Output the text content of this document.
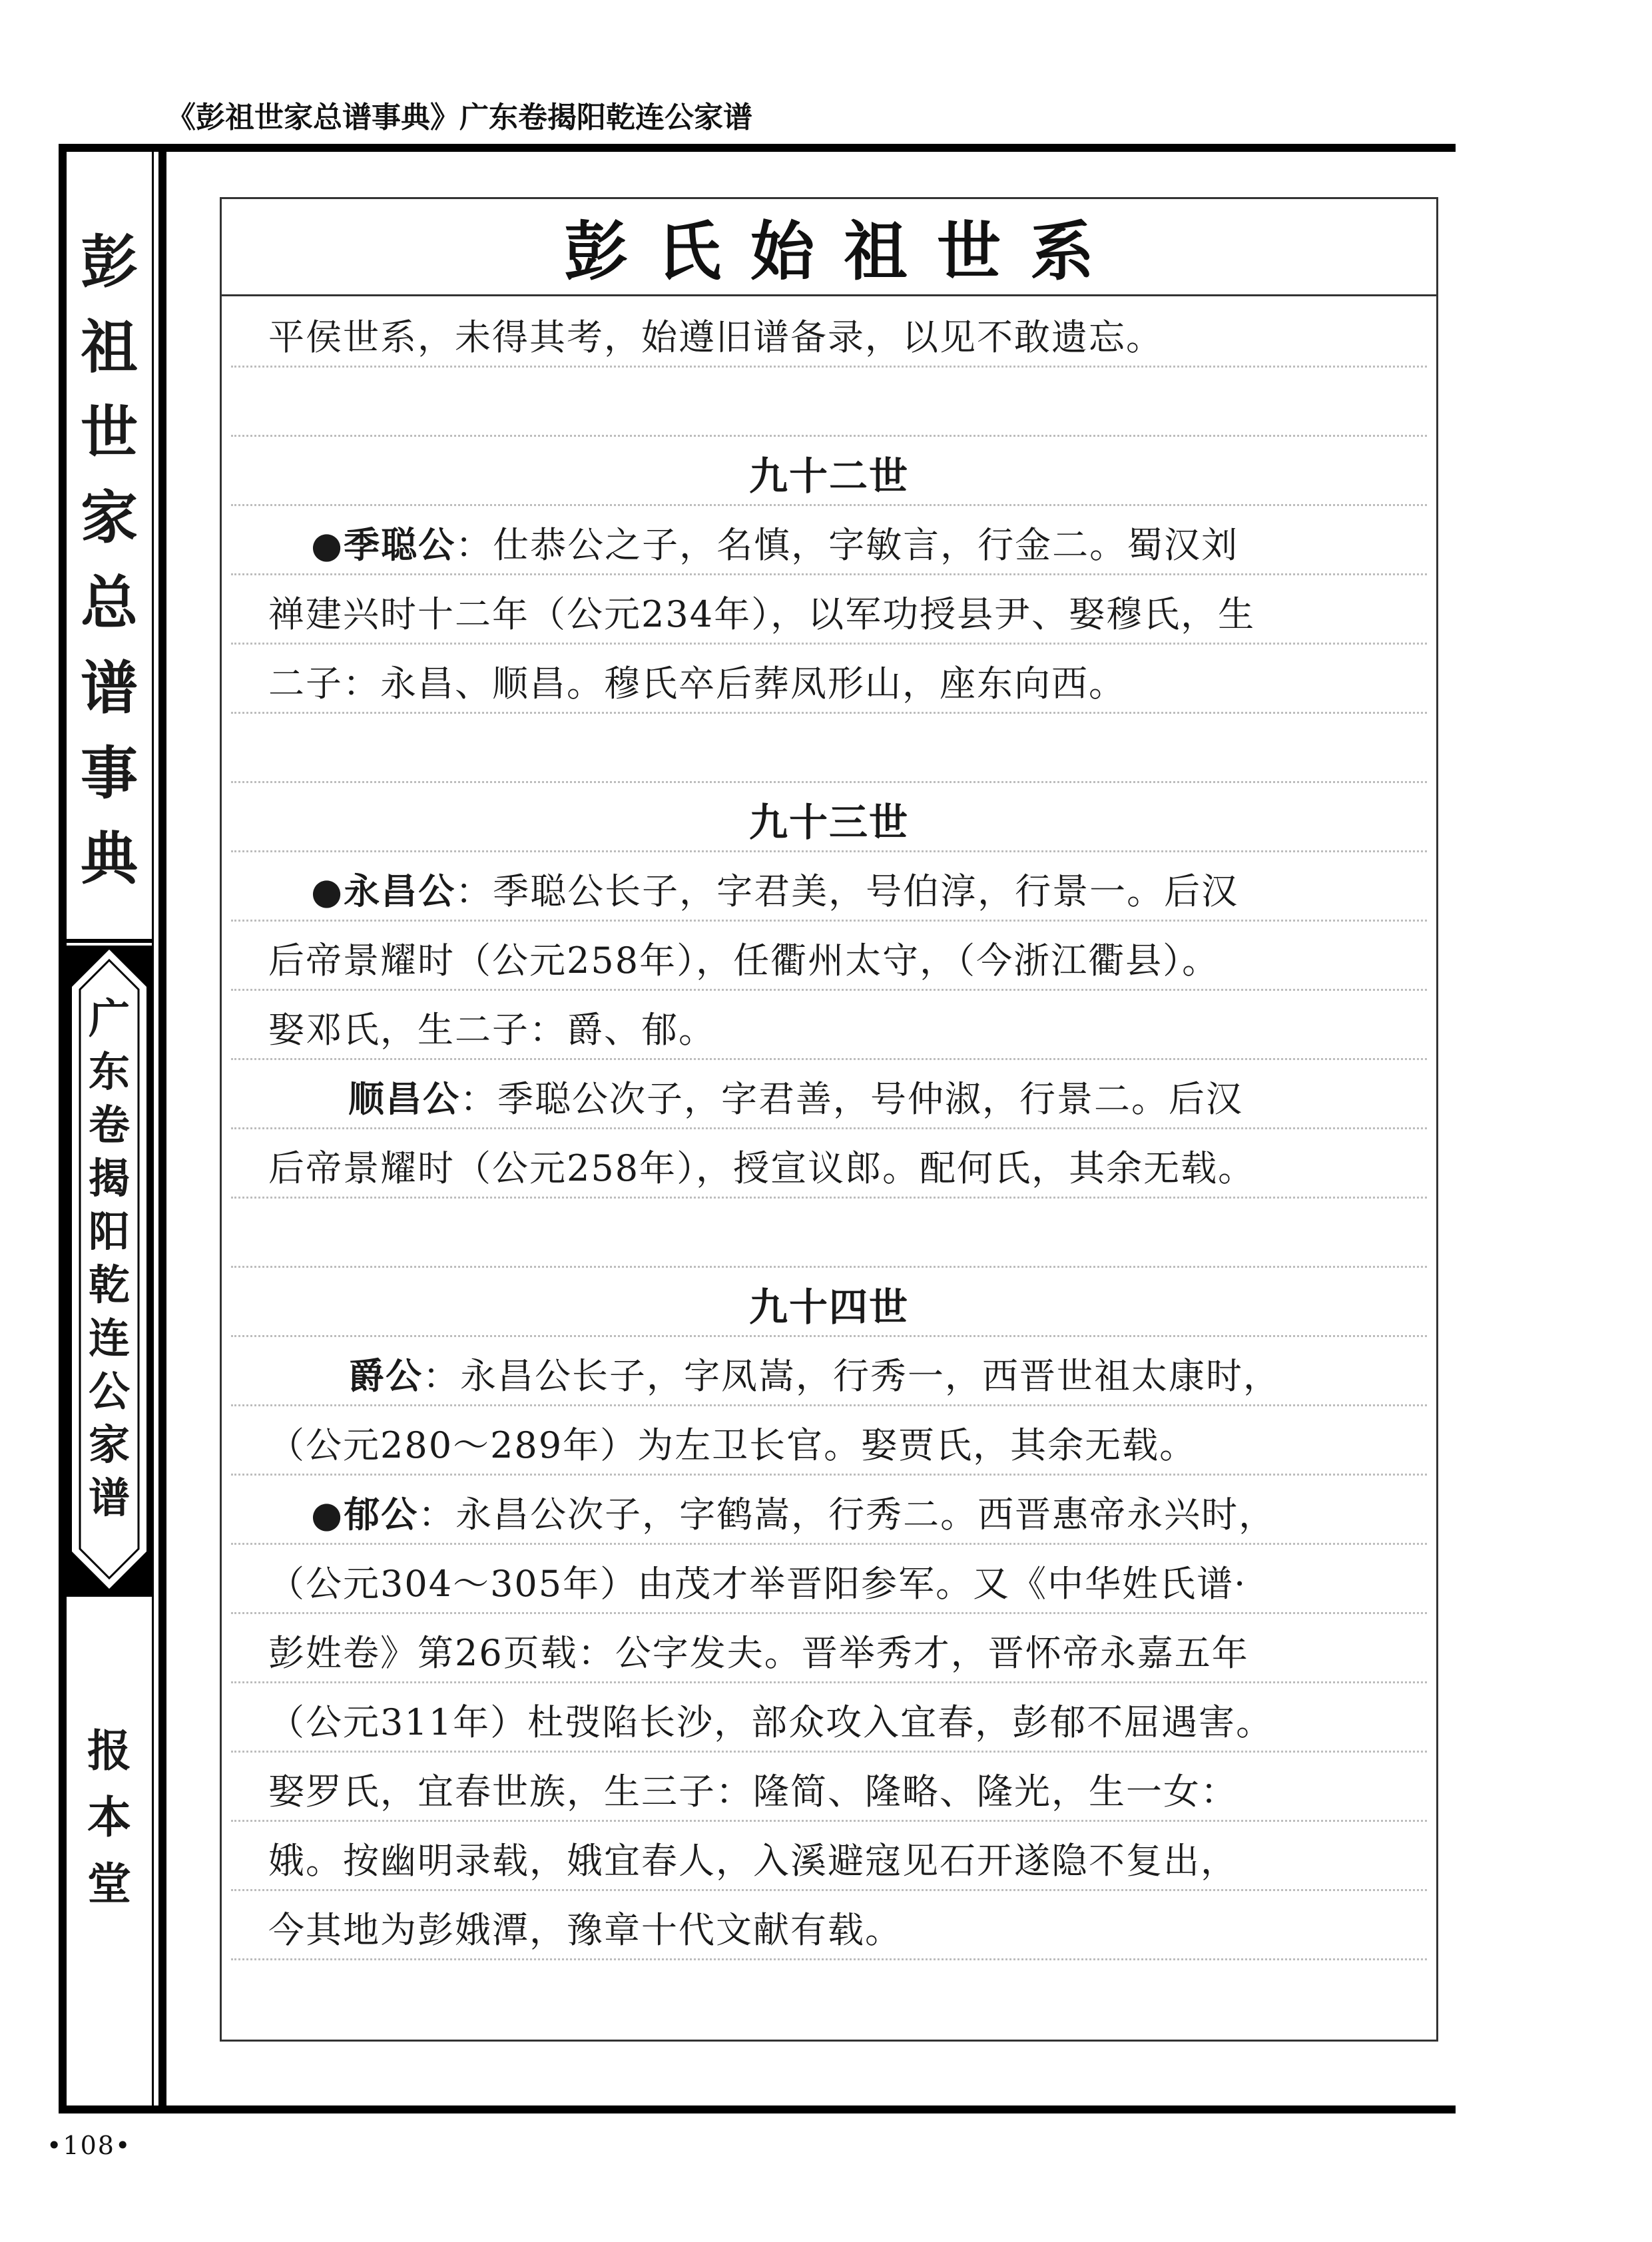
《彭祖世家总谱事典》广东卷揭阳乾连公家谱
彭
祖
世
家
总
谱
事
典
广
东
卷
揭
阳
乾
连
公
家
谱
报
本
堂
彭氏始祖世系
平侯世系，未得其考，始遵旧谱备录，以见不敢遗忘。
九十二世
●季聪公：仕恭公之子，名慎，字敏言，行金二。蜀汉刘
禅建兴时十二年（公元234年），以军功授县尹、娶穆氏，生
二子：永昌、顺昌。穆氏卒后葬凤形山，座东向西。
九十三世
●永昌公：季聪公长子，字君美，号伯淳，行景一。后汉
后帝景耀时（公元258年），任衢州太守，（今浙江衢县）。
娶邓氏，生二子：爵、郁。
顺昌公：季聪公次子，字君善，号仲淑，行景二。后汉
后帝景耀时（公元258年），授宣议郎。配何氏，其余无载。
九十四世
爵公：永昌公长子，字凤嵩，行秀一，西晋世祖太康时，
（公元280～289年）为左卫长官。娶贾氏，其余无载。
●郁公：永昌公次子，字鹤嵩，行秀二。西晋惠帝永兴时，
（公元304～305年）由茂才举晋阳参军。又《中华姓氏谱·
彭姓卷》第26页载：公字发夫。晋举秀才，晋怀帝永嘉五年
（公元311年）杜弢陷长沙，部众攻入宜春，彭郁不屈遇害。
娶罗氏，宜春世族，生三子：隆简、隆略、隆光，生一女：
娥。按幽明录载，娥宜春人，入溪避寇见石开遂隐不复出，
今其地为彭娥潭，豫章十代文献有载。
•108•
